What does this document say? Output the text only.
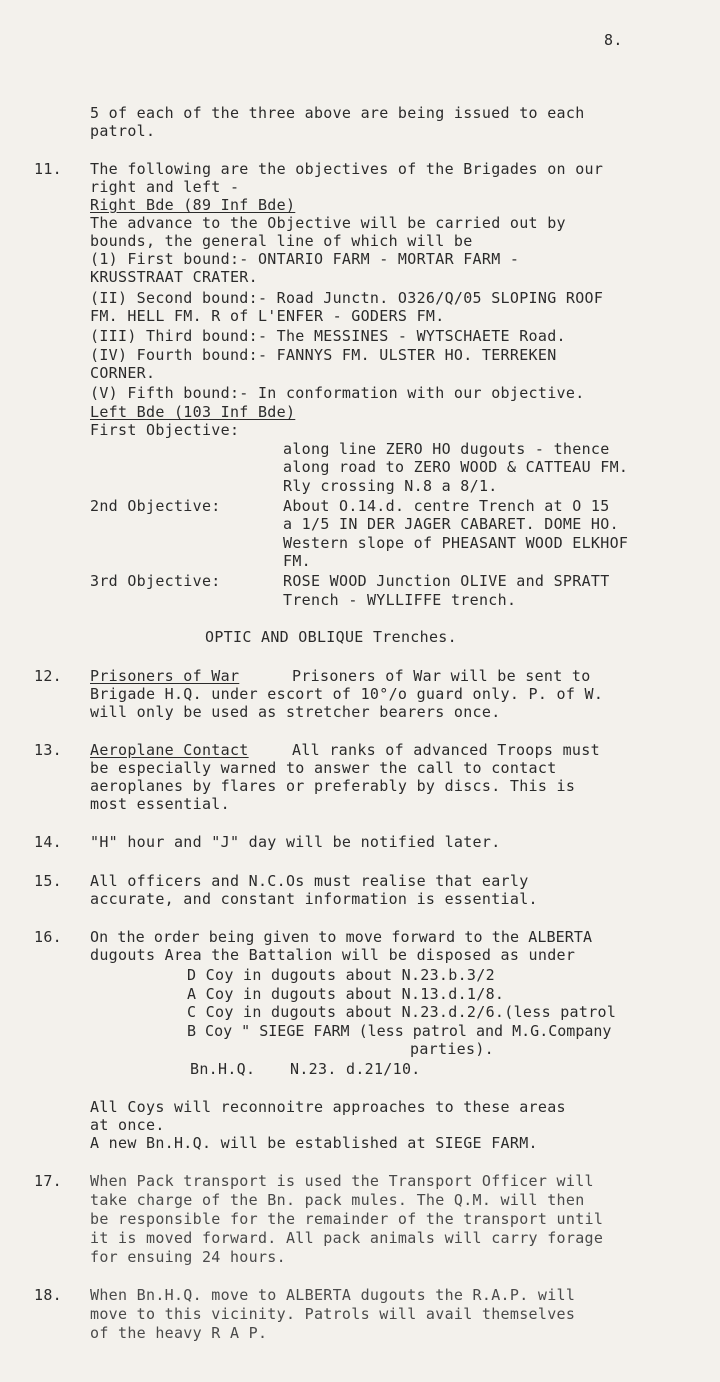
8.
5 of each of the three above are being issued to each
patrol.
11. The following are the objectives of the Brigades on our
right and left -
Right Bde (89 Inf Bde)
The advance to the Objective will be carried out by
bounds, the general line of which will be
(1) First bound:- ONTARIO FARM - MORTAR FARM -
KRUSSTRAAT CRATER.
(II) Second bound:- Road Junctn. O326/Q/05 SLOPING ROOF
FM. HELL FM. R of L'ENFER - GODERS FM.
(III) Third bound:- The MESSINES - WYTSCHAETE Road.
(IV) Fourth bound:- FANNYS FM. ULSTER HO. TERREKEN
CORNER.
(V) Fifth bound:- In conformation with our objective.
Left Bde (103 Inf Bde)
First Objective:
along line ZERO HO dugouts - thence
along road to ZERO WOOD & CATTEAU FM.
Rly crossing N.8 a 8/1.
2nd Objective:	About O.14.d. centre Trench at O 15
a 1/5 IN DER JAGER CABARET. DOME HO.
Western slope of PHEASANT WOOD ELKHOF
FM.
3rd Objective:	ROSE WOOD Junction OLIVE and SPRATT
Trench - WYLLIFFE trench.
OPTIC AND OBLIQUE Trenches.
12. Prisoners of War	Prisoners of War will be sent to
Brigade H.Q. under escort of 10°/o guard only. P. of W.
will only be used as stretcher bearers once.
13. Aeroplane Contact	All ranks of advanced Troops must
be especially warned to answer the call to contact
aeroplanes by flares or preferably by discs. This is
most essential.
14. "H" hour and "J" day will be notified later.
15. All officers and N.C.Os must realise that early
accurate, and constant information is essential.
16. On the order being given to move forward to the ALBERTA
dugouts Area the Battalion will be disposed as under
D Coy in dugouts about N.23.b.3/2
A Coy in dugouts about N.13.d.1/8.
C Coy in dugouts about N.23.d.2/6.(less patrol
B Coy " SIEGE FARM (less patrol and M.G.Company
parties).
Bn.H.Q. N.23. d.21/10.
All Coys will reconnoitre approaches to these areas
at once.
A new Bn.H.Q. will be established at SIEGE FARM.
17. When Pack transport is used the Transport Officer will
take charge of the Bn. pack mules. The Q.M. will then
be responsible for the remainder of the transport until
it is moved forward. All pack animals will carry forage
for ensuing 24 hours.
18. When Bn.H.Q. move to ALBERTA dugouts the R.A.P. will
move to this vicinity. Patrols will avail themselves
of the heavy R A P.
